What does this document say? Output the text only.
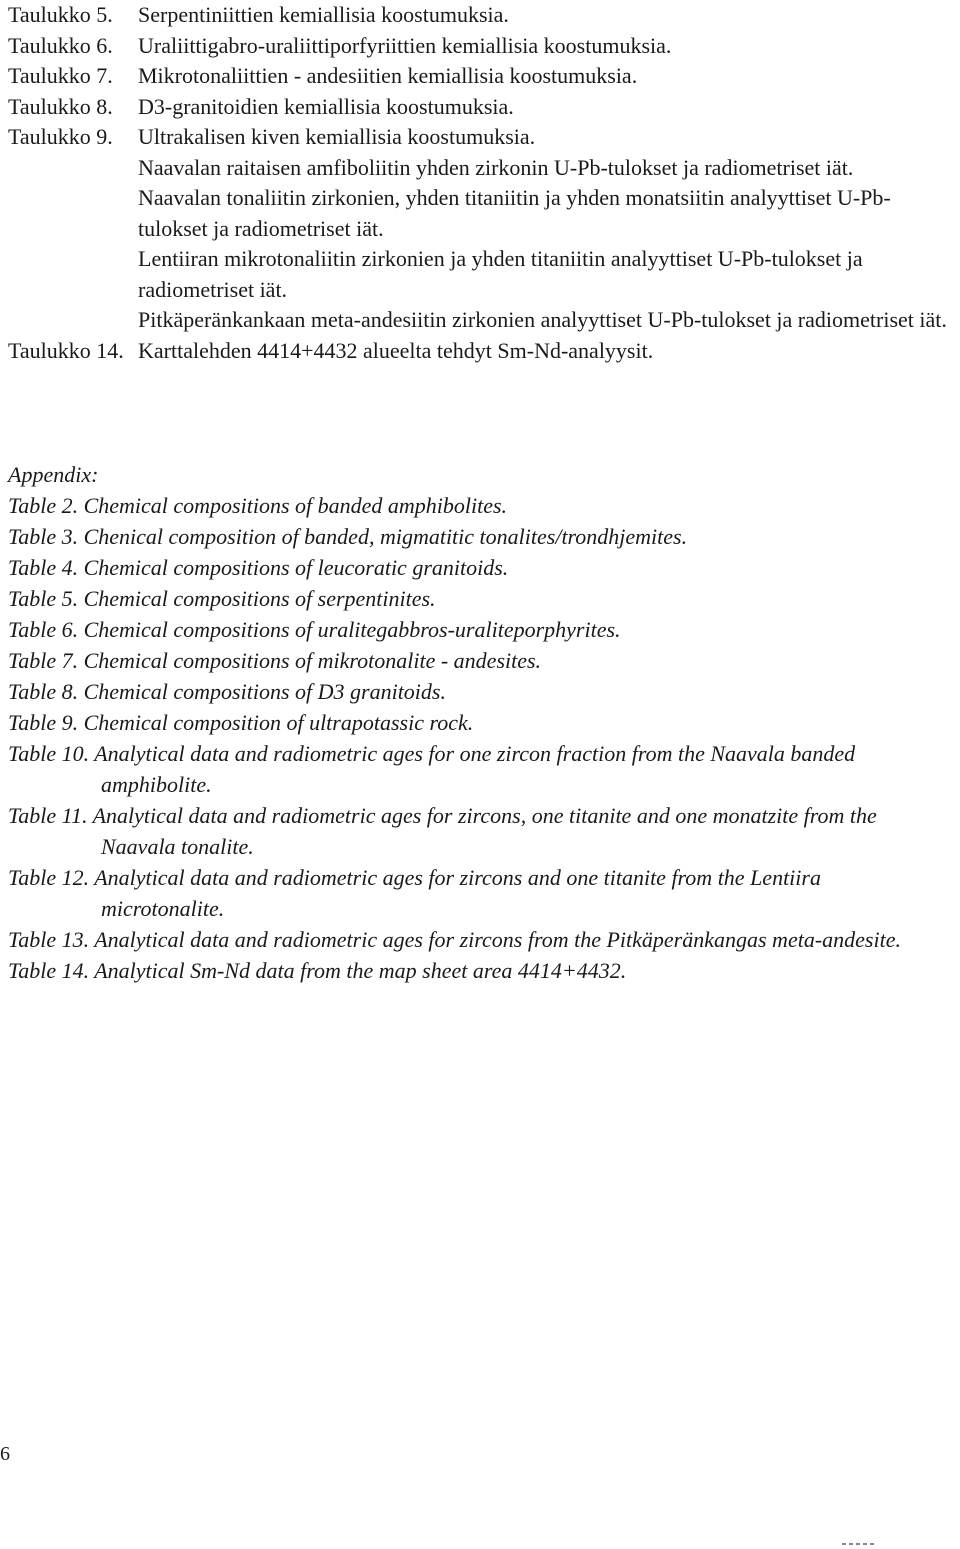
Taulukko 5. Serpentiniittien kemiallisia koostumuksia.
Taulukko 6. Uraliittigabro-uraliittiporfyriittien kemiallisia koostumuksia.
Taulukko 7. Mikrotonaliittien - andesiitien kemiallisia koostumuksia.
Taulukko 8. D3-granitoidien kemiallisia koostumuksia.
Taulukko 9. Ultrakalisen kiven kemiallisia koostumuksia.
Naavalan raitaisen amfiboliitin yhden zirkonin U-Pb-tulokset ja radiometriset iät.
Naavalan tonaliitin zirkonien, yhden titaniitin ja yhden monatsiitin analyyttiset U-Pb-tulokset ja radiometriset iät.
Lentiiran mikrotonaliitin zirkonien ja yhden titaniitin analyyttiset U-Pb-tulokset ja radiometriset iät.
Pitkäperänkankaan meta-andesiitin zirkonien analyyttiset U-Pb-tulokset ja radiometriset iät.
Taulukko 14. Karttalehden 4414+4432 alueelta tehdyt Sm-Nd-analyysit.
Appendix:
Table 2. Chemical compositions of banded amphibolites.
Table 3. Chenical composition of banded, migmatitic tonalites/trondhjemites.
Table 4. Chemical compositions of leucoratic granitoids.
Table 5. Chemical compositions of serpentinites.
Table 6. Chemical compositions of uralitegabbros-uraliteporphyrites.
Table 7. Chemical compositions of mikrotonalite - andesites.
Table 8. Chemical compositions of D3 granitoids.
Table 9. Chemical composition of ultrapotassic rock.
Table 10. Analytical data and radiometric ages for one zircon fraction from the Naavala banded amphibolite.
Table 11. Analytical data and radiometric ages for zircons, one titanite and one monatzite from the Naavala tonalite.
Table 12. Analytical data and radiometric ages for zircons and one titanite from the Lentiira microtonalite.
Table 13. Analytical data and radiometric ages for zircons from the Pitkäperänkangas meta-andesite.
Table 14. Analytical Sm-Nd data from the map sheet area 4414+4432.
6
